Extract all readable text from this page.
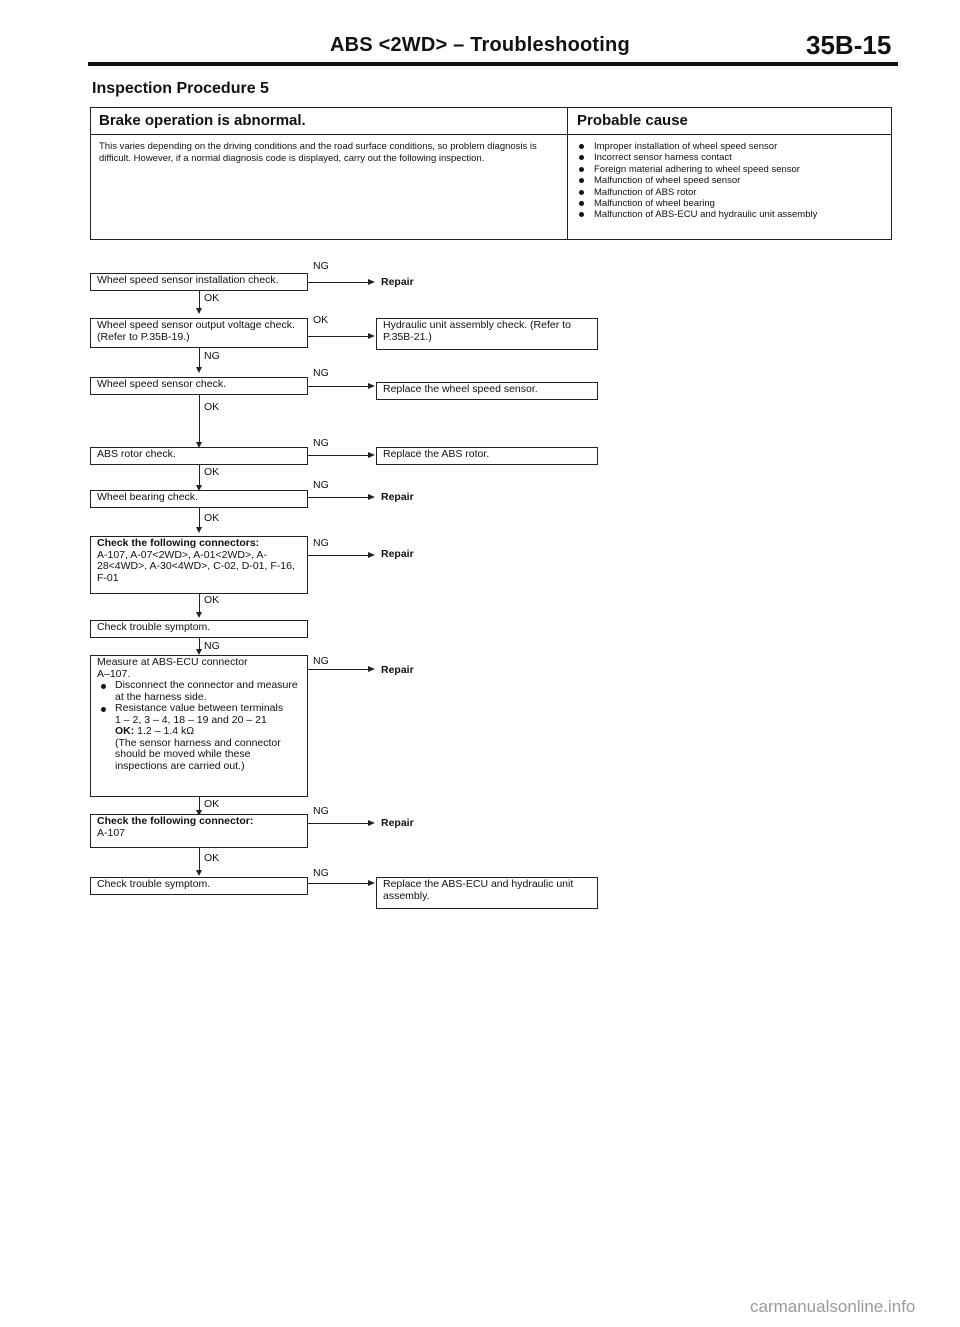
ABS <2WD> – Troubleshooting	35B-15
Inspection Procedure 5
Brake operation is abnormal.	Probable cause
This varies depending on the driving conditions and the road surface conditions, so problem diagnosis is difficult. However, if a normal diagnosis code is displayed, carry out the following inspection.
Improper installation of wheel speed sensor
Incorrect sensor harness contact
Foreign material adhering to wheel speed sensor
Malfunction of wheel speed sensor
Malfunction of ABS rotor
Malfunction of wheel bearing
Malfunction of ABS-ECU and hydraulic unit assembly
Wheel speed sensor installation check.
NG
Repair
OK
Wheel speed sensor output voltage check. (Refer to P.35B-19.)
OK	Hydraulic unit assembly check. (Refer to P.35B-21.)
NG
Wheel speed sensor check.
NG
Replace the wheel speed sensor.
OK
ABS rotor check.
NG
Replace the ABS rotor.
OK
Wheel bearing check.
NG
Repair
OK
Check the following connectors:
A-107, A-07<2WD>, A-01<2WD>, A-28<4WD>, A-30<4WD>, C-02, D-01, F-16, F-01
NG
Repair
OK
Check trouble symptom.
NG
Measure at ABS-ECU connector
A–107.
Disconnect the connector and measure at the harness side.
Resistance value between terminals
1 – 2, 3 – 4, 18 – 19 and 20 – 21
OK: 1.2 – 1.4 kΩ
(The sensor harness and connector should be moved while these inspections are carried out.)
NG
Repair
OK
Check the following connector:
A-107
NG
Repair
OK
Check trouble symptom.
NG
Replace the ABS-ECU and hydraulic unit assembly.
carmanualsonline.info
